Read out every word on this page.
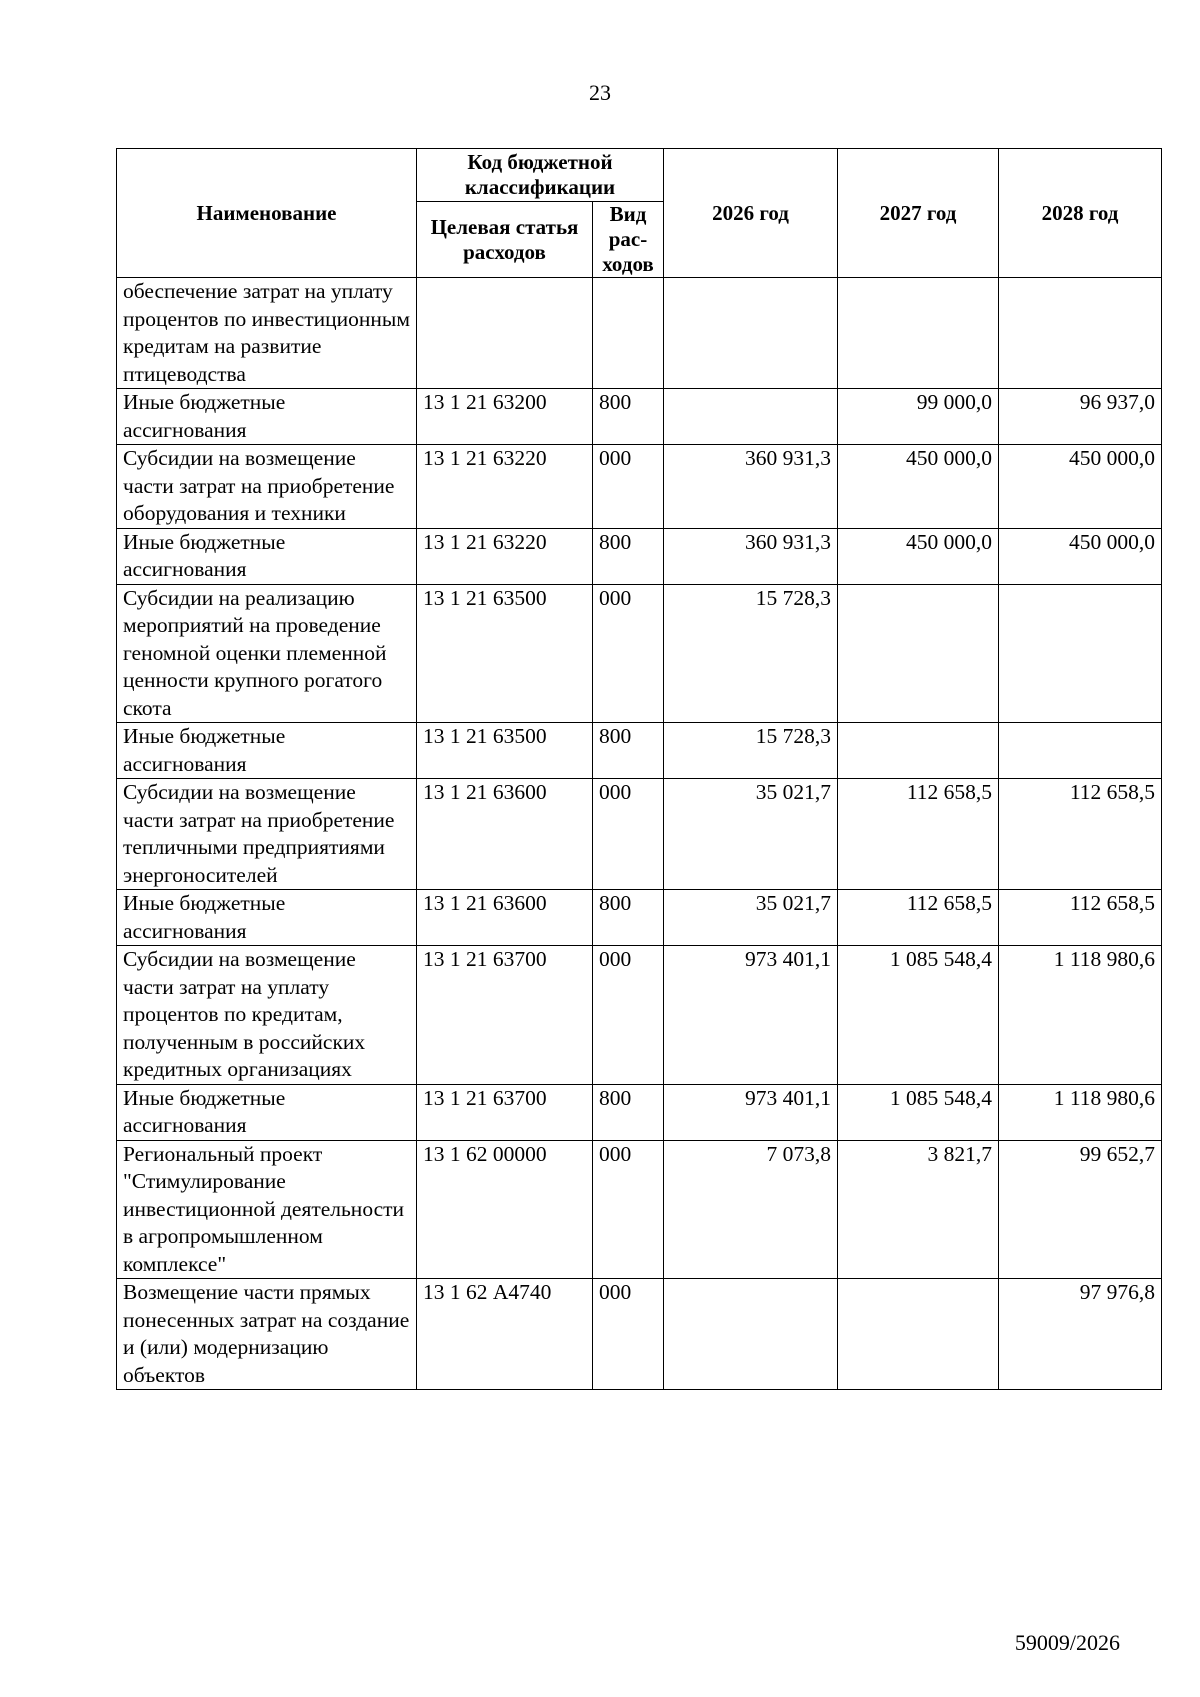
23
Наименование	Код бюджетной классификации		2026 год	2027 год	2028 год
	Целевая статья расходов	Вид рас-ходов			
обеспечение затрат на уплату процентов по инвестиционным кредитам на развитие птицеводства					
Иные бюджетные ассигнования	13 1 21 63200	800		99 000,0	96 937,0
Субсидии на возмещение части затрат на приобретение оборудования и техники	13 1 21 63220	000	360 931,3	450 000,0	450 000,0
Иные бюджетные ассигнования	13 1 21 63220	800	360 931,3	450 000,0	450 000,0
Субсидии на реализацию мероприятий на проведение геномной оценки племенной ценности крупного рогатого скота	13 1 21 63500	000	15 728,3		
Иные бюджетные ассигнования	13 1 21 63500	800	15 728,3		
Субсидии на возмещение части затрат на приобретение тепличными предприятиями энергоносителей	13 1 21 63600	000	35 021,7	112 658,5	112 658,5
Иные бюджетные ассигнования	13 1 21 63600	800	35 021,7	112 658,5	112 658,5
Субсидии на возмещение части затрат на уплату процентов по кредитам, полученным в российских кредитных организациях	13 1 21 63700	000	973 401,1	1 085 548,4	1 118 980,6
Иные бюджетные ассигнования	13 1 21 63700	800	973 401,1	1 085 548,4	1 118 980,6
Региональный проект "Стимулирование инвестиционной деятельности в агропромышленном комплексе"	13 1 62 00000	000	7 073,8	3 821,7	99 652,7
Возмещение части прямых понесенных затрат на создание и (или) модернизацию объектов	13 1 62 А4740	000			97 976,8
59009/2026
